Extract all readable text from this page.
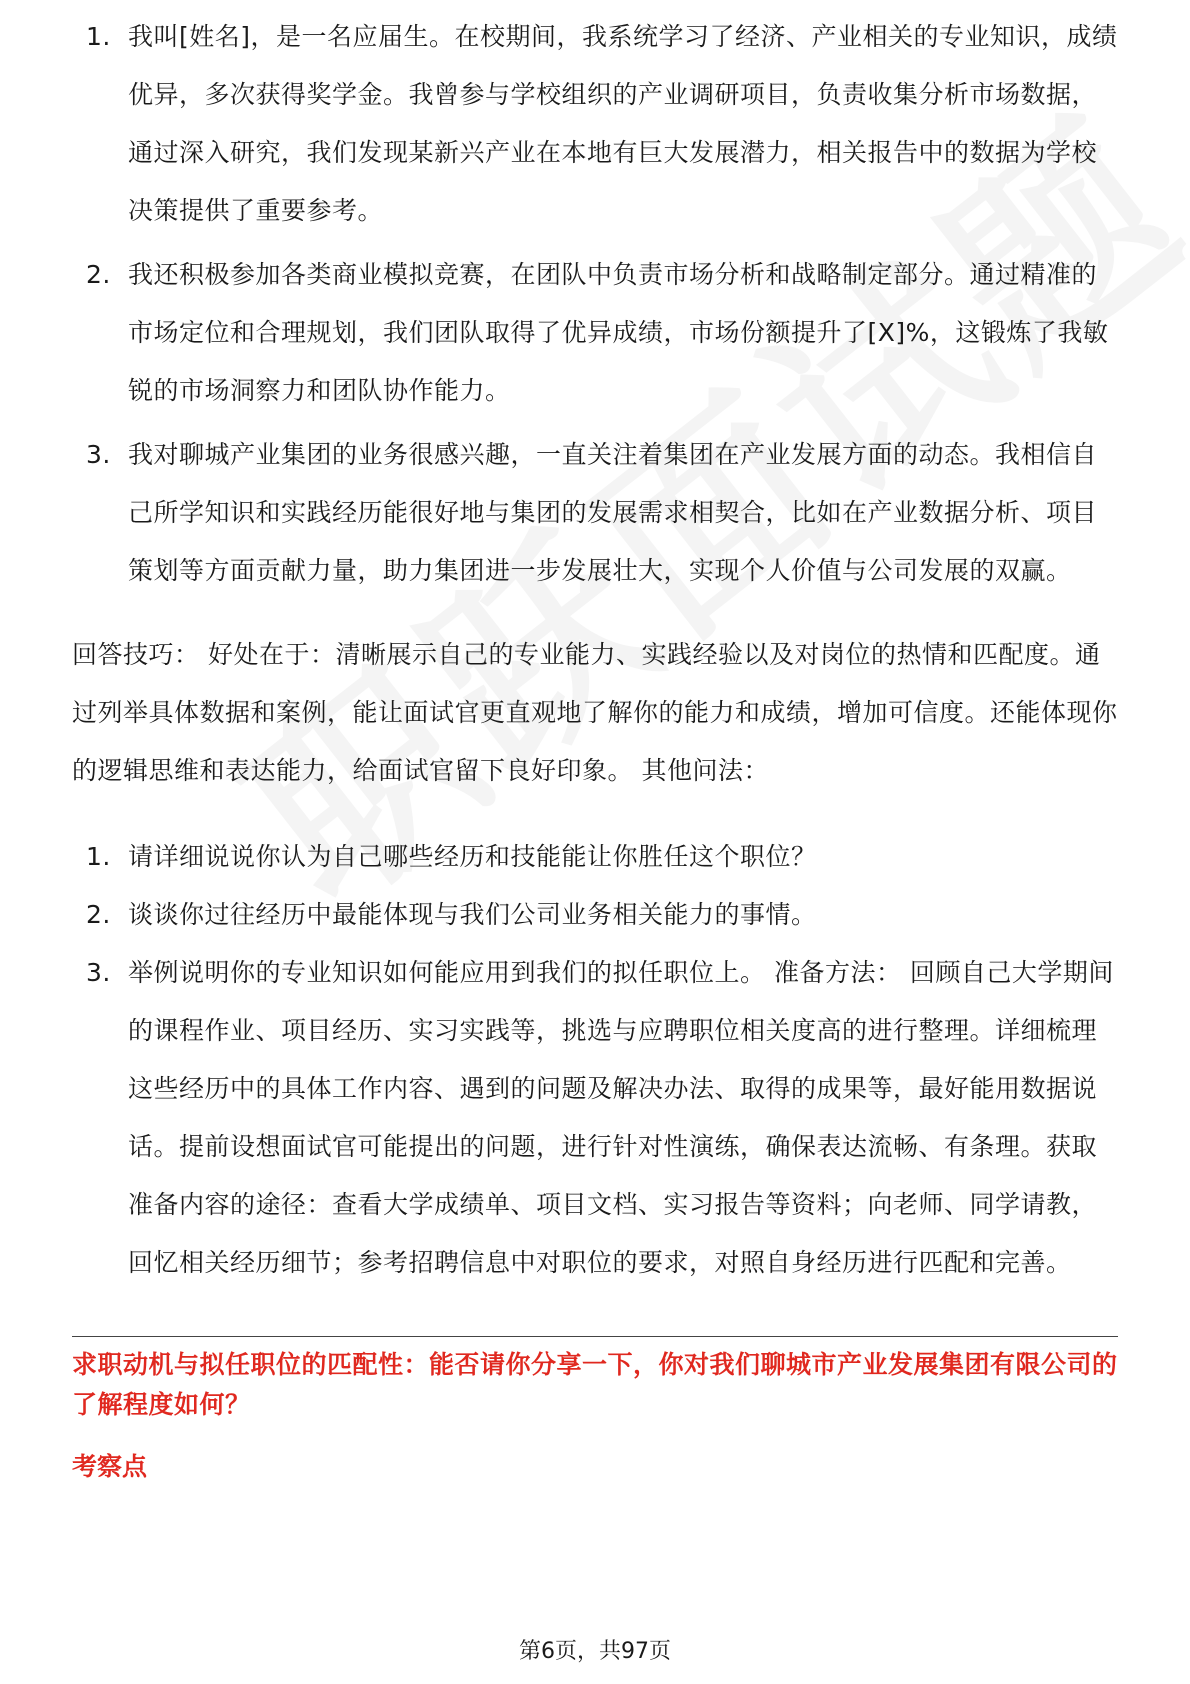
1. 我叫[姓名]，是一名应届生。在校期间，我系统学习了经济、产业相关的专业知识，成绩优异，多次获得奖学金。我曾参与学校组织的产业调研项目，负责收集分析市场数据，通过深入研究，我们发现某新兴产业在本地有巨大发展潜力，相关报告中的数据为学校决策提供了重要参考。
2. 我还积极参加各类商业模拟竞赛，在团队中负责市场分析和战略制定部分。通过精准的市场定位和合理规划，我们团队取得了优异成绩，市场份额提升了[X]%，这锻炼了我敏锐的市场洞察力和团队协作能力。
3. 我对聊城产业集团的业务很感兴趣，一直关注着集团在产业发展方面的动态。我相信自己所学知识和实践经历能很好地与集团的发展需求相契合，比如在产业数据分析、项目策划等方面贡献力量，助力集团进一步发展壮大，实现个人价值与公司发展的双赢。

回答技巧： 好处在于：清晰展示自己的专业能力、实践经验以及对岗位的热情和匹配度。通过列举具体数据和案例，能让面试官更直观地了解你的能力和成绩，增加可信度。还能体现你的逻辑思维和表达能力，给面试官留下良好印象。 其他问法：

1. 请详细说说你认为自己哪些经历和技能能让你胜任这个职位？
2. 谈谈你过往经历中最能体现与我们公司业务相关能力的事情。
3. 举例说明你的专业知识如何能应用到我们的拟任职位上。 准备方法： 回顾自己大学期间的课程作业、项目经历、实习实践等，挑选与应聘职位相关度高的进行整理。详细梳理这些经历中的具体工作内容、遇到的问题及解决办法、取得的成果等，最好能用数据说话。提前设想面试官可能提出的问题，进行针对性演练，确保表达流畅、有条理。获取准备内容的途径：查看大学成绩单、项目文档、实习报告等资料；向老师、同学请教，回忆相关经历细节；参考招聘信息中对职位的要求，对照自身经历进行匹配和完善。
求职动机与拟任职位的匹配性：能否请你分享一下，你对我们聊城市产业发展集团有限公司的了解程度如何？
考察点
第6页，共97页
